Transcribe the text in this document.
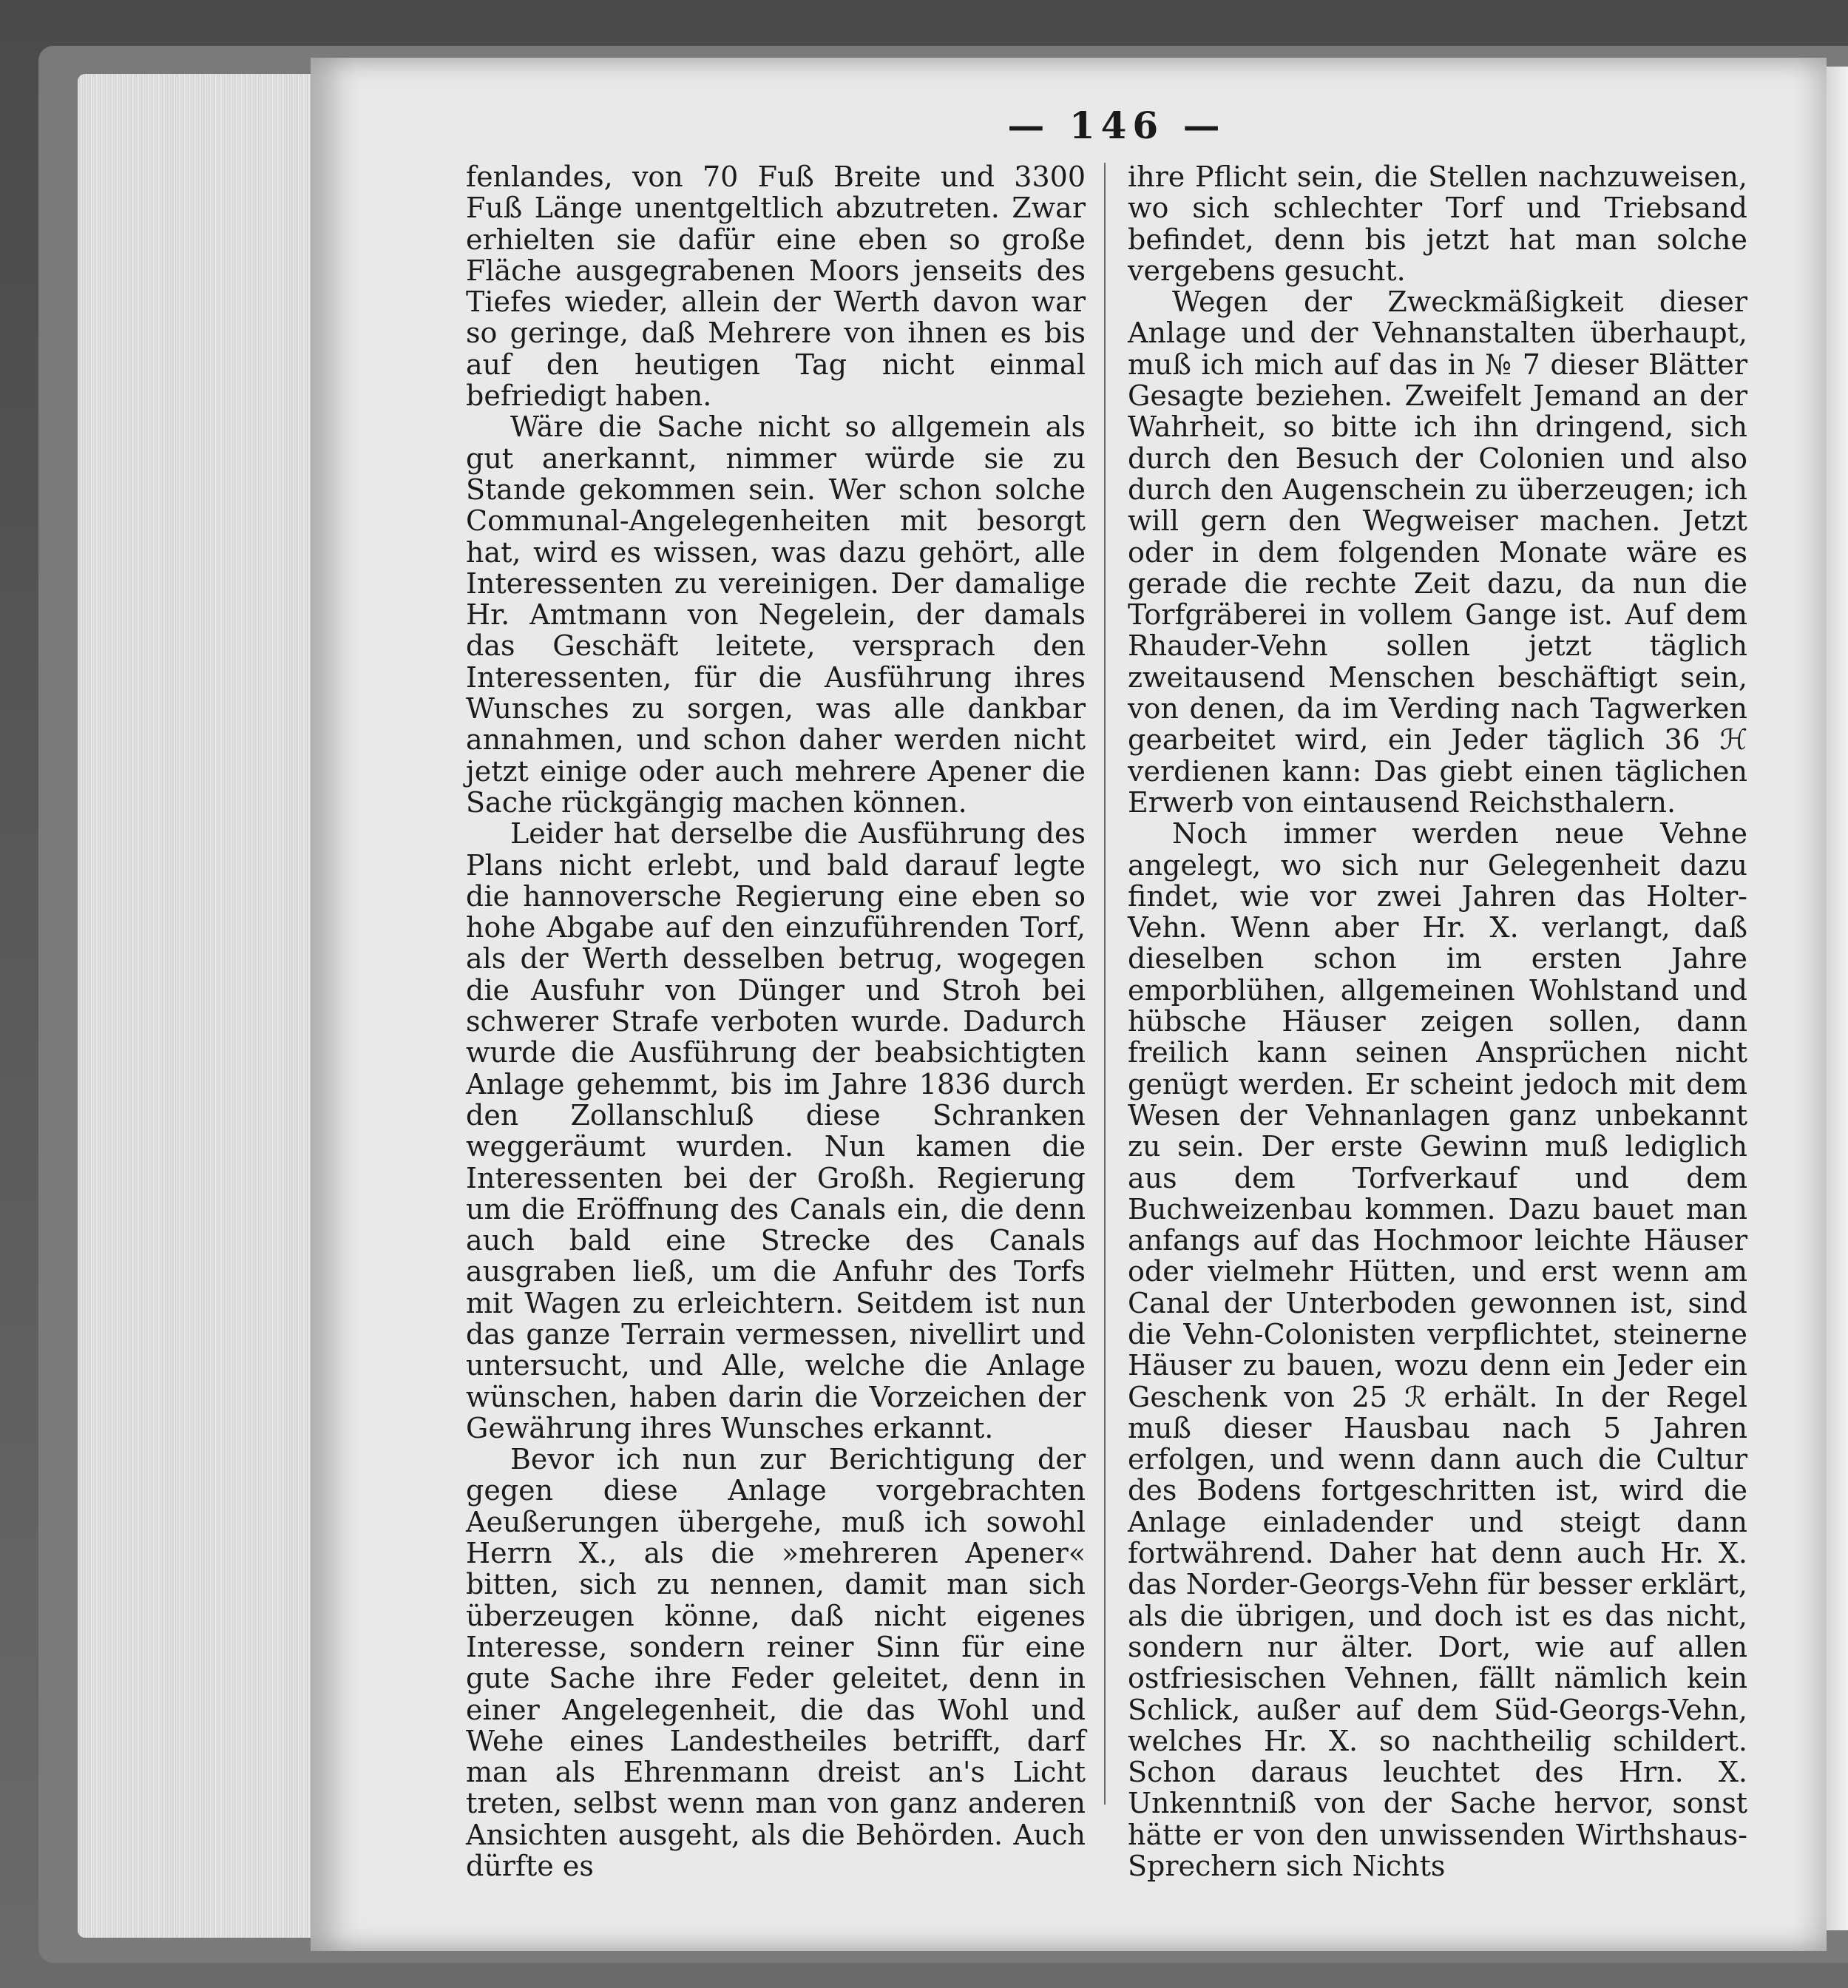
— 146 —

fenlandes, von 70 Fuß Breite und 3300 Fuß Länge unentgeltlich abzutreten. Zwar erhielten sie dafür eine eben so große Fläche ausgegrabenen Moors jenseits des Tiefes wieder, allein der Werth davon war so geringe, daß Mehrere von ihnen es bis auf den heutigen Tag nicht einmal befriedigt haben.

Wäre die Sache nicht so allgemein als gut anerkannt, nimmer würde sie zu Stande gekommen sein. Wer schon solche Communal-Angelegenheiten mit besorgt hat, wird es wissen, was dazu gehört, alle Interessenten zu vereinigen. Der damalige Hr. Amtmann von Negelein, der damals das Geschäft leitete, versprach den Interessenten, für die Ausführung ihres Wunsches zu sorgen, was alle dankbar annahmen, und schon daher werden nicht jetzt einige oder auch mehrere Apener die Sache rückgängig machen können.

Leider hat derselbe die Ausführung des Plans nicht erlebt, und bald darauf legte die hannoversche Regierung eine eben so hohe Abgabe auf den einzuführenden Torf, als der Werth desselben betrug, wogegen die Ausfuhr von Dünger und Stroh bei schwerer Strafe verboten wurde. Dadurch wurde die Ausführung der beabsichtigten Anlage gehemmt, bis im Jahre 1836 durch den Zollanschluß diese Schranken weggeräumt wurden. Nun kamen die Interessenten bei der Großh. Regierung um die Eröffnung des Canals ein, die denn auch bald eine Strecke des Canals ausgraben ließ, um die Anfuhr des Torfs mit Wagen zu erleichtern. Seitdem ist nun das ganze Terrain vermessen, nivellirt und untersucht, und Alle, welche die Anlage wünschen, haben darin die Vorzeichen der Gewährung ihres Wunsches erkannt.

Bevor ich nun zur Berichtigung der gegen diese Anlage vorgebrachten Aeußerungen übergehe, muß ich sowohl Herrn X., als die »mehreren Apener« bitten, sich zu nennen, damit man sich überzeugen könne, daß nicht eigenes Interesse, sondern reiner Sinn für eine gute Sache ihre Feder geleitet, denn in einer Angelegenheit, die das Wohl und Wehe eines Landestheiles betrifft, darf man als Ehrenmann dreist an's Licht treten, selbst wenn man von ganz anderen Ansichten ausgeht, als die Behörden. Auch dürfte es

ihre Pflicht sein, die Stellen nachzuweisen, wo sich schlechter Torf und Triebsand befindet, denn bis jetzt hat man solche vergebens gesucht.

Wegen der Zweckmäßigkeit dieser Anlage und der Vehnanstalten überhaupt, muß ich mich auf das in № 7 dieser Blätter Gesagte beziehen. Zweifelt Jemand an der Wahrheit, so bitte ich ihn dringend, sich durch den Besuch der Colonien und also durch den Augenschein zu überzeugen; ich will gern den Wegweiser machen. Jetzt oder in dem folgenden Monate wäre es gerade die rechte Zeit dazu, da nun die Torfgräberei in vollem Gange ist. Auf dem Rhauder-Vehn sollen jetzt täglich zweitausend Menschen beschäftigt sein, von denen, da im Verding nach Tagwerken gearbeitet wird, ein Jeder täglich 36 ℋ verdienen kann: Das giebt einen täglichen Erwerb von eintausend Reichsthalern.

Noch immer werden neue Vehne angelegt, wo sich nur Gelegenheit dazu findet, wie vor zwei Jahren das Holter-Vehn. Wenn aber Hr. X. verlangt, daß dieselben schon im ersten Jahre emporblühen, allgemeinen Wohlstand und hübsche Häuser zeigen sollen, dann freilich kann seinen Ansprüchen nicht genügt werden. Er scheint jedoch mit dem Wesen der Vehnanlagen ganz unbekannt zu sein. Der erste Gewinn muß lediglich aus dem Torfverkauf und dem Buchweizenbau kommen. Dazu bauet man anfangs auf das Hochmoor leichte Häuser oder vielmehr Hütten, und erst wenn am Canal der Unterboden gewonnen ist, sind die Vehn-Colonisten verpflichtet, steinerne Häuser zu bauen, wozu denn ein Jeder ein Geschenk von 25 ℛ erhält. In der Regel muß dieser Hausbau nach 5 Jahren erfolgen, und wenn dann auch die Cultur des Bodens fortgeschritten ist, wird die Anlage einladender und steigt dann fortwährend. Daher hat denn auch Hr. X. das Norder-Georgs-Vehn für besser erklärt, als die übrigen, und doch ist es das nicht, sondern nur älter. Dort, wie auf allen ostfriesischen Vehnen, fällt nämlich kein Schlick, außer auf dem Süd-Georgs-Vehn, welches Hr. X. so nachtheilig schildert. Schon daraus leuchtet des Hrn. X. Unkenntniß von der Sache hervor, sonst hätte er von den unwissenden Wirthshaus-Sprechern sich Nichts
